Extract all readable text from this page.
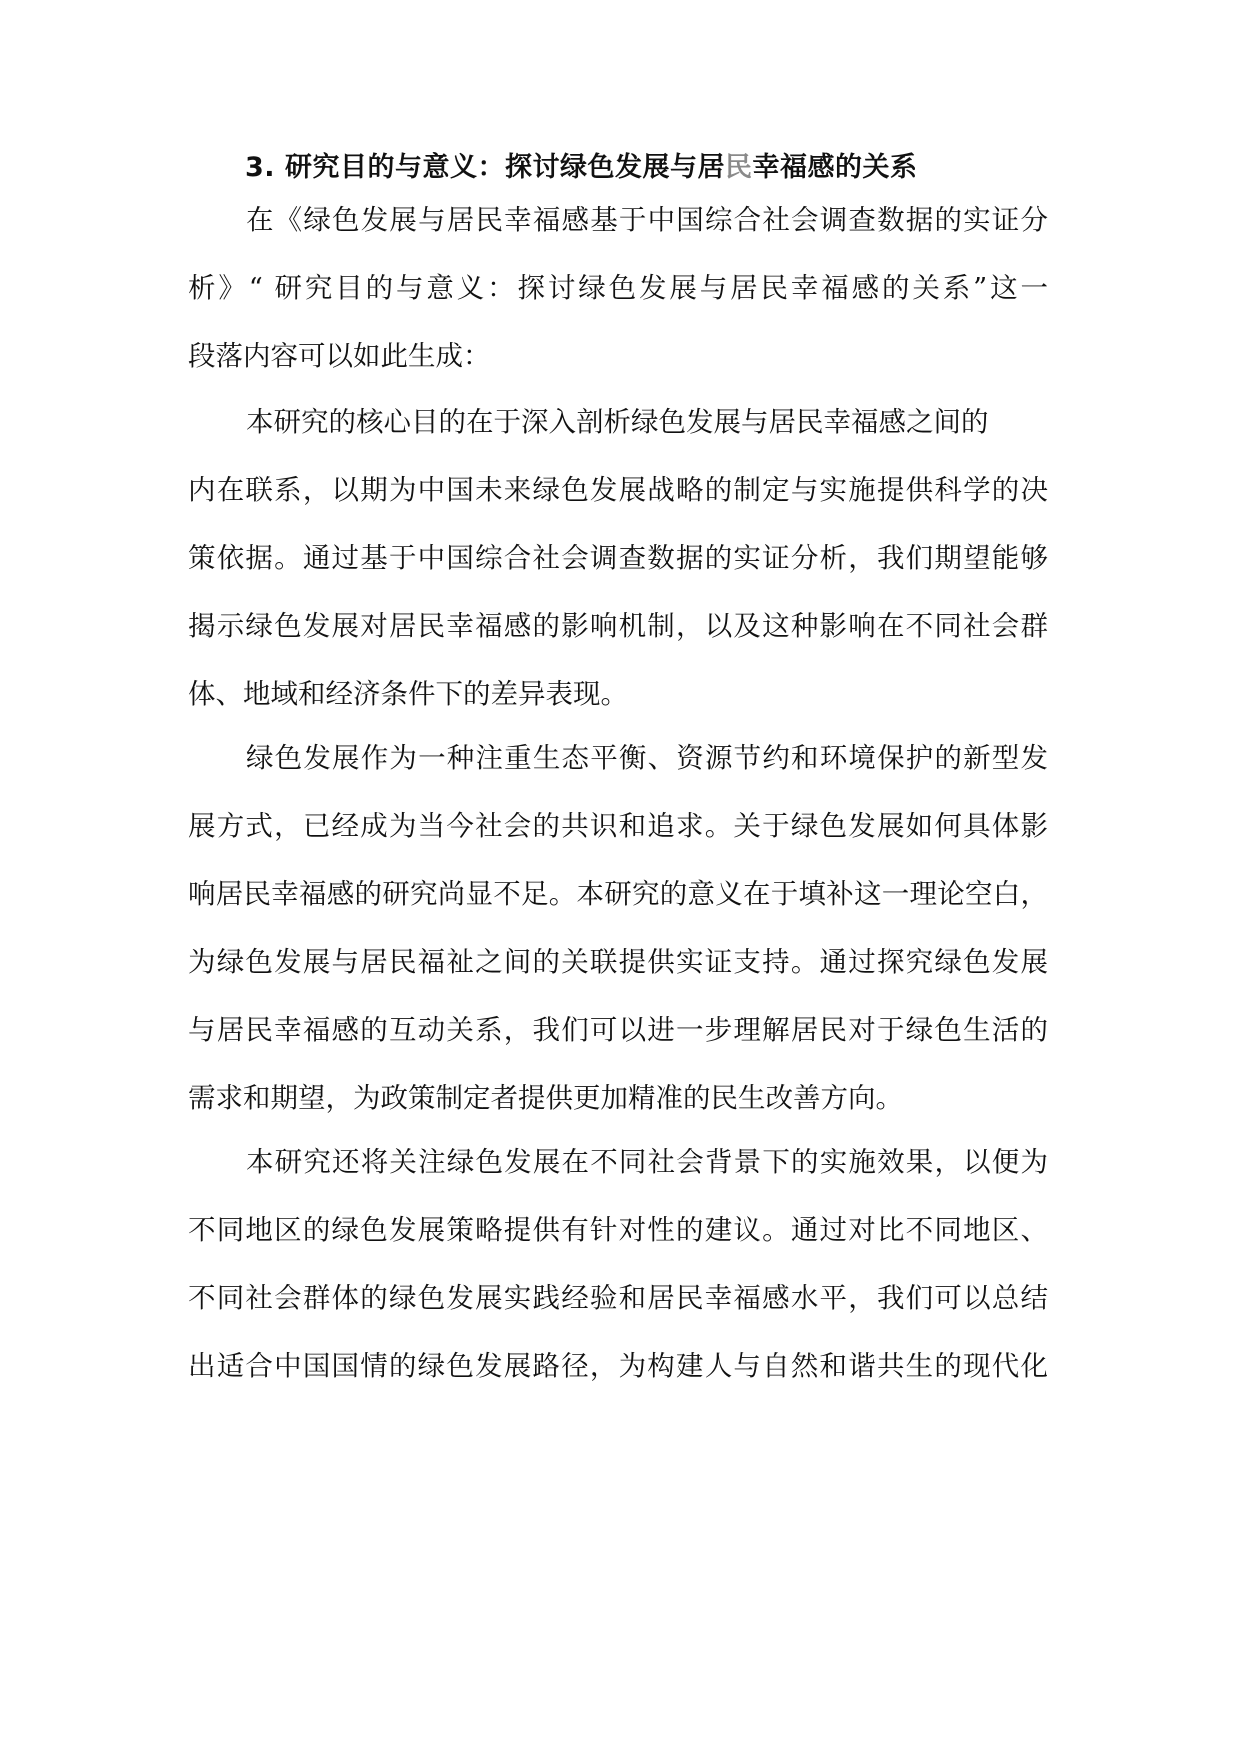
3. 研究目的与意义：探讨绿色发展与居民幸福感的关系
在《绿色发展与居民幸福感基于中国综合社会调查数据的实证分
析》“ 研究目的与意义：探讨绿色发展与居民幸福感的关系”这一
段落内容可以如此生成：
本研究的核心目的在于深入剖析绿色发展与居民幸福感之间的
内在联系，以期为中国未来绿色发展战略的制定与实施提供科学的决
策依据。通过基于中国综合社会调查数据的实证分析，我们期望能够
揭示绿色发展对居民幸福感的影响机制，以及这种影响在不同社会群
体、地域和经济条件下的差异表现。
绿色发展作为一种注重生态平衡、资源节约和环境保护的新型发
展方式，已经成为当今社会的共识和追求。关于绿色发展如何具体影
响居民幸福感的研究尚显不足。本研究的意义在于填补这一理论空白，
为绿色发展与居民福祉之间的关联提供实证支持。通过探究绿色发展
与居民幸福感的互动关系，我们可以进一步理解居民对于绿色生活的
需求和期望，为政策制定者提供更加精准的民生改善方向。
本研究还将关注绿色发展在不同社会背景下的实施效果，以便为
不同地区的绿色发展策略提供有针对性的建议。通过对比不同地区、
不同社会群体的绿色发展实践经验和居民幸福感水平，我们可以总结
出适合中国国情的绿色发展路径，为构建人与自然和谐共生的现代化
